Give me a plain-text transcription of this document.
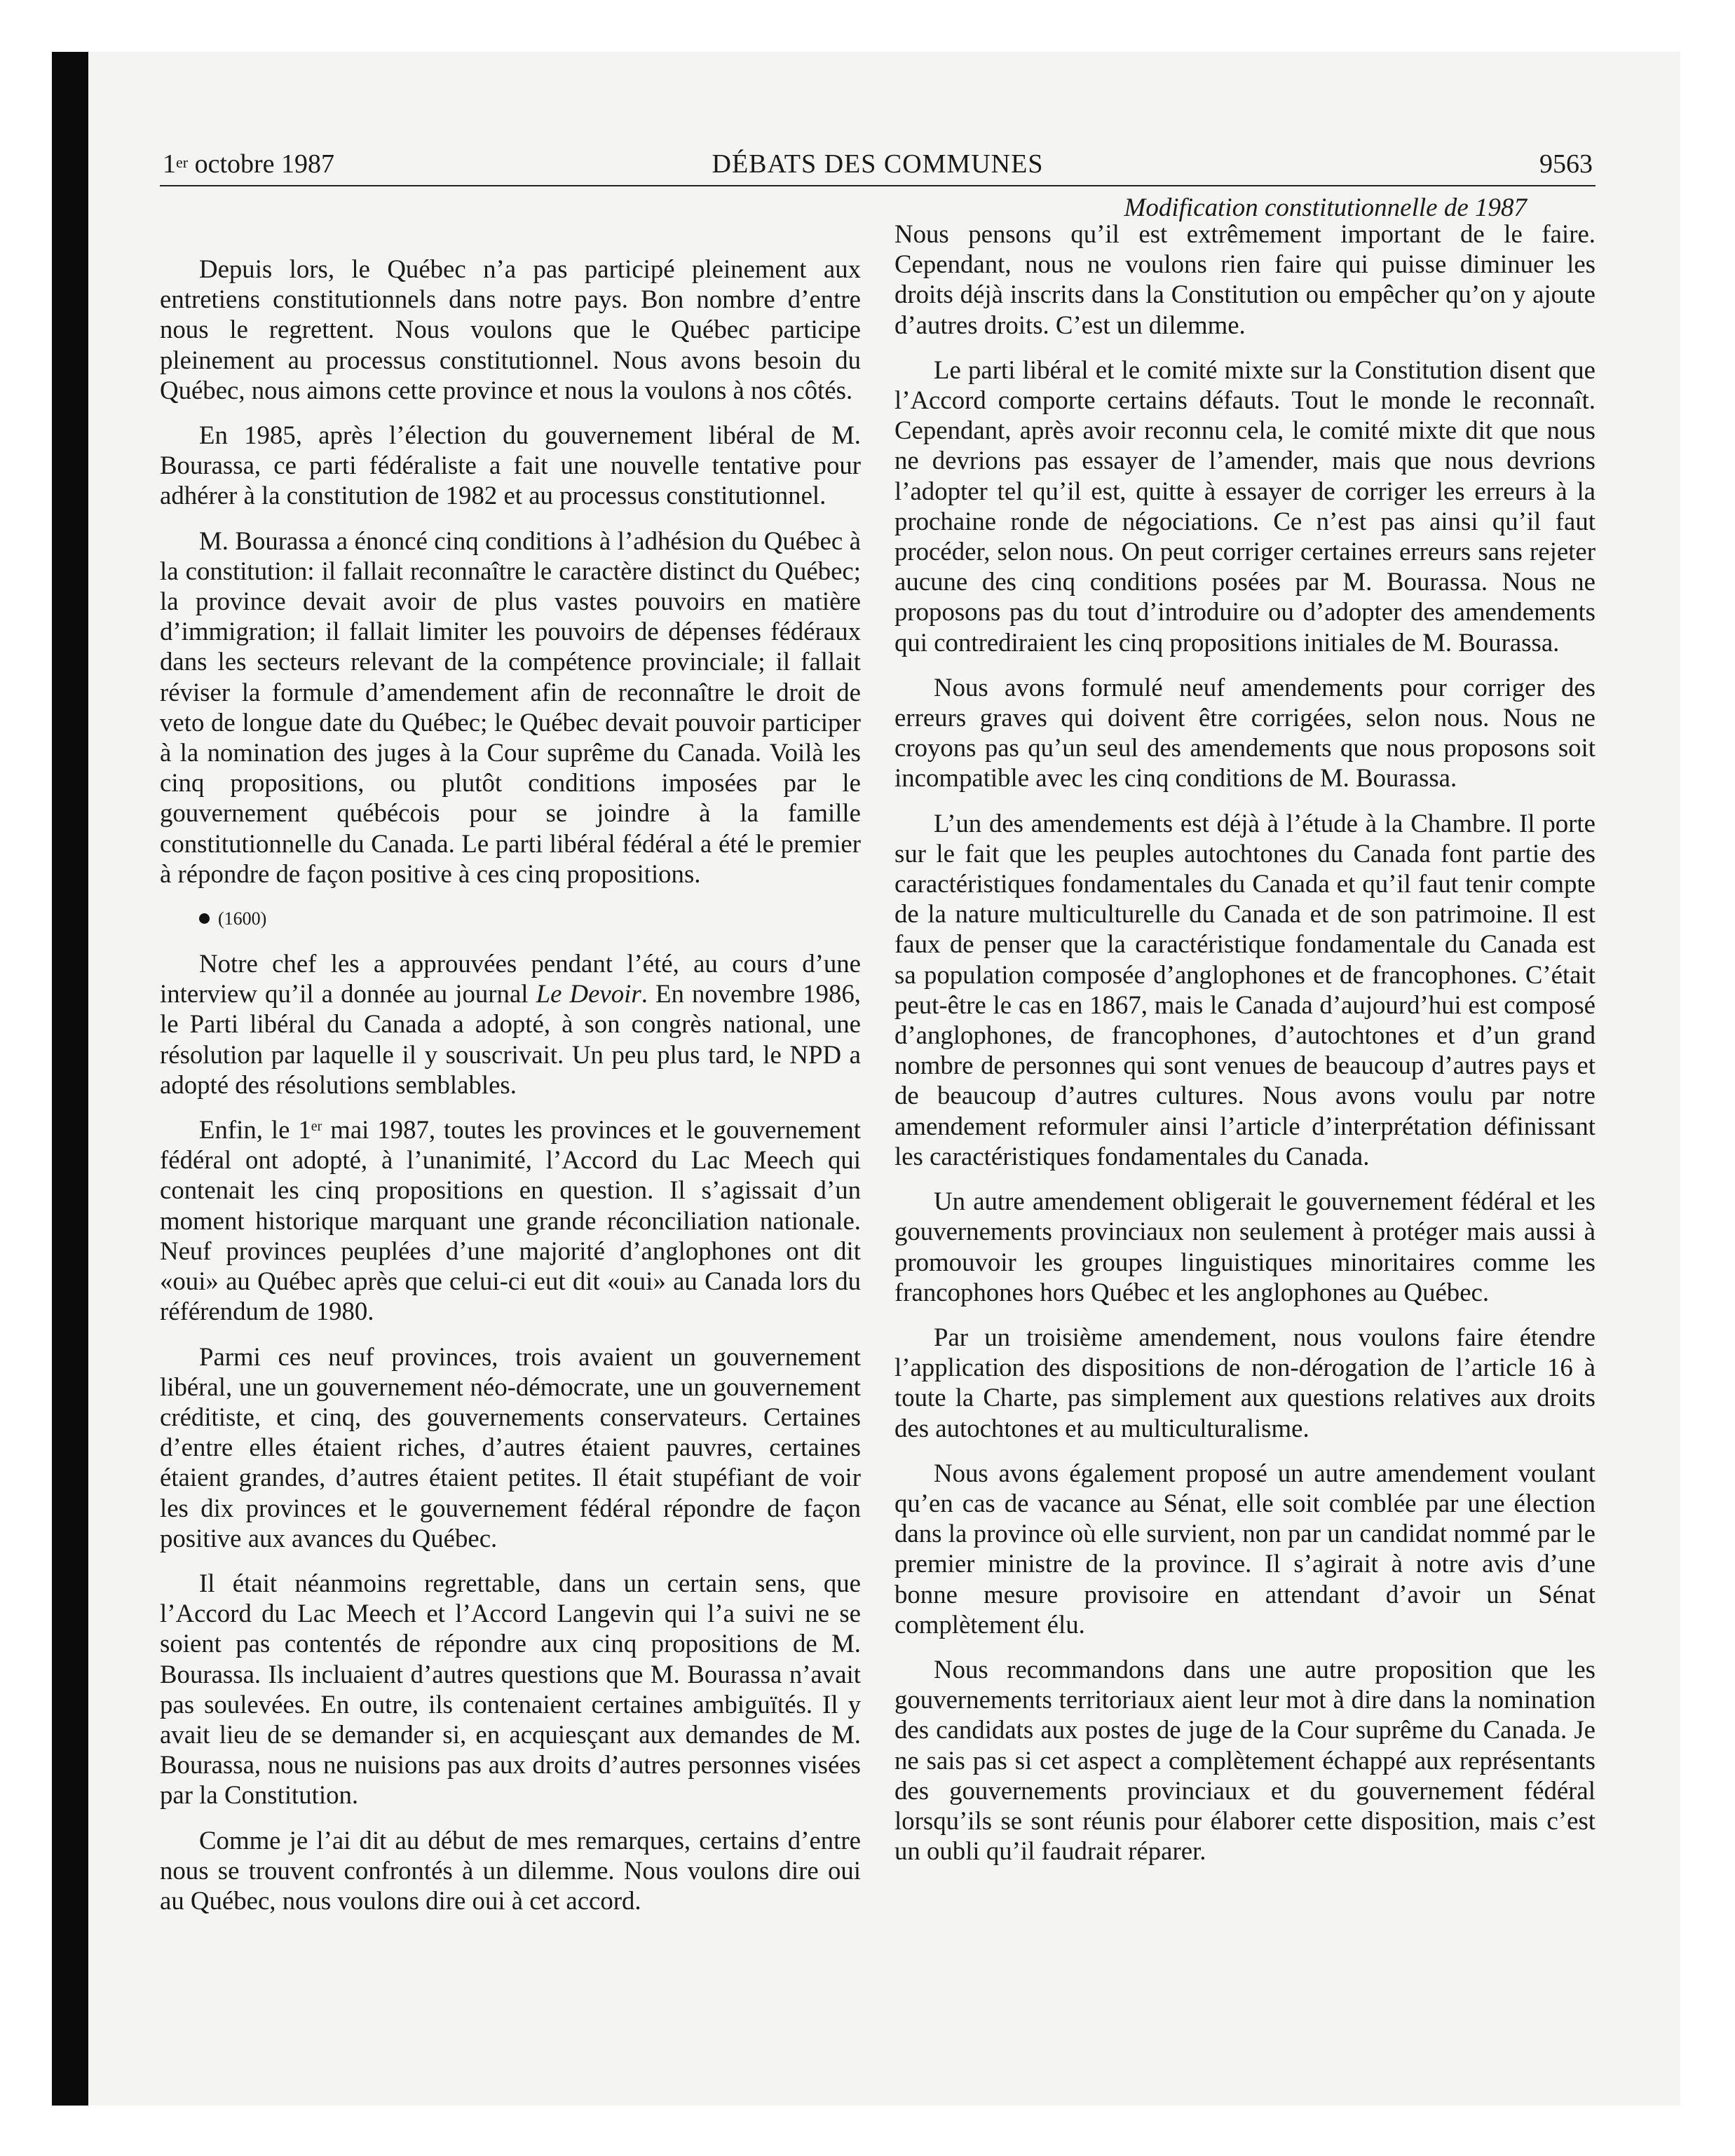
1er octobre 1987	DÉBATS DES COMMUNES	9563
Modification constitutionnelle de 1987

Depuis lors, le Québec n’a pas participé pleinement aux entretiens constitutionnels dans notre pays. Bon nombre d’entre nous le regrettent. Nous voulons que le Québec participe pleinement au processus constitutionnel. Nous avons besoin du Québec, nous aimons cette province et nous la voulons à nos côtés.

En 1985, après l’élection du gouvernement libéral de M. Bourassa, ce parti fédéraliste a fait une nouvelle tentative pour adhérer à la constitution de 1982 et au processus constitutionnel.

M. Bourassa a énoncé cinq conditions à l’adhésion du Québec à la constitution: il fallait reconnaître le caractère distinct du Québec; la province devait avoir de plus vastes pouvoirs en matière d’immigration; il fallait limiter les pouvoirs de dépenses fédéraux dans les secteurs relevant de la compétence provinciale; il fallait réviser la formule d’amendement afin de reconnaître le droit de veto de longue date du Québec; le Québec devait pouvoir participer à la nomination des juges à la Cour suprême du Canada. Voilà les cinq propositions, ou plutôt conditions imposées par le gouvernement québécois pour se joindre à la famille constitutionnelle du Canada. Le parti libéral fédéral a été le premier à répondre de façon positive à ces cinq propositions.

(1600)

Notre chef les a approuvées pendant l’été, au cours d’une interview qu’il a donnée au journal Le Devoir. En novembre 1986, le Parti libéral du Canada a adopté, à son congrès national, une résolution par laquelle il y souscrivait. Un peu plus tard, le NPD a adopté des résolutions semblables.

Enfin, le 1er mai 1987, toutes les provinces et le gouvernement fédéral ont adopté, à l’unanimité, l’Accord du Lac Meech qui contenait les cinq propositions en question. Il s’agissait d’un moment historique marquant une grande réconciliation nationale. Neuf provinces peuplées d’une majorité d’anglophones ont dit «oui» au Québec après que celui-ci eut dit «oui» au Canada lors du référendum de 1980.

Parmi ces neuf provinces, trois avaient un gouvernement libéral, une un gouvernement néo-démocrate, une un gouvernement créditiste, et cinq, des gouvernements conservateurs. Certaines d’entre elles étaient riches, d’autres étaient pauvres, certaines étaient grandes, d’autres étaient petites. Il était stupéfiant de voir les dix provinces et le gouvernement fédéral répondre de façon positive aux avances du Québec.

Il était néanmoins regrettable, dans un certain sens, que l’Accord du Lac Meech et l’Accord Langevin qui l’a suivi ne se soient pas contentés de répondre aux cinq propositions de M. Bourassa. Ils incluaient d’autres questions que M. Bourassa n’avait pas soulevées. En outre, ils contenaient certaines ambiguïtés. Il y avait lieu de se demander si, en acquiesçant aux demandes de M. Bourassa, nous ne nuisions pas aux droits d’autres personnes visées par la Constitution.

Comme je l’ai dit au début de mes remarques, certains d’entre nous se trouvent confrontés à un dilemme. Nous voulons dire oui au Québec, nous voulons dire oui à cet accord.

Nous pensons qu’il est extrêmement important de le faire. Cependant, nous ne voulons rien faire qui puisse diminuer les droits déjà inscrits dans la Constitution ou empêcher qu’on y ajoute d’autres droits. C’est un dilemme.

Le parti libéral et le comité mixte sur la Constitution disent que l’Accord comporte certains défauts. Tout le monde le reconnaît. Cependant, après avoir reconnu cela, le comité mixte dit que nous ne devrions pas essayer de l’amender, mais que nous devrions l’adopter tel qu’il est, quitte à essayer de corriger les erreurs à la prochaine ronde de négociations. Ce n’est pas ainsi qu’il faut procéder, selon nous. On peut corriger certaines erreurs sans rejeter aucune des cinq conditions posées par M. Bourassa. Nous ne proposons pas du tout d’introduire ou d’adopter des amendements qui contrediraient les cinq propositions initiales de M. Bourassa.

Nous avons formulé neuf amendements pour corriger des erreurs graves qui doivent être corrigées, selon nous. Nous ne croyons pas qu’un seul des amendements que nous proposons soit incompatible avec les cinq conditions de M. Bourassa.

L’un des amendements est déjà à l’étude à la Chambre. Il porte sur le fait que les peuples autochtones du Canada font partie des caractéristiques fondamentales du Canada et qu’il faut tenir compte de la nature multiculturelle du Canada et de son patrimoine. Il est faux de penser que la caractéristique fondamentale du Canada est sa population composée d’anglophones et de francophones. C’était peut-être le cas en 1867, mais le Canada d’aujourd’hui est composé d’anglophones, de francophones, d’autochtones et d’un grand nombre de personnes qui sont venues de beaucoup d’autres pays et de beaucoup d’autres cultures. Nous avons voulu par notre amendement reformuler ainsi l’article d’interprétation définissant les caractéristiques fondamentales du Canada.

Un autre amendement obligerait le gouvernement fédéral et les gouvernements provinciaux non seulement à protéger mais aussi à promouvoir les groupes linguistiques minoritaires comme les francophones hors Québec et les anglophones au Québec.

Par un troisième amendement, nous voulons faire étendre l’application des dispositions de non-dérogation de l’article 16 à toute la Charte, pas simplement aux questions relatives aux droits des autochtones et au multiculturalisme.

Nous avons également proposé un autre amendement voulant qu’en cas de vacance au Sénat, elle soit comblée par une élection dans la province où elle survient, non par un candidat nommé par le premier ministre de la province. Il s’agirait à notre avis d’une bonne mesure provisoire en attendant d’avoir un Sénat complètement élu.

Nous recommandons dans une autre proposition que les gouvernements territoriaux aient leur mot à dire dans la nomination des candidats aux postes de juge de la Cour suprême du Canada. Je ne sais pas si cet aspect a complètement échappé aux représentants des gouvernements provinciaux et du gouvernement fédéral lorsqu’ils se sont réunis pour élaborer cette disposition, mais c’est un oubli qu’il faudrait réparer.
